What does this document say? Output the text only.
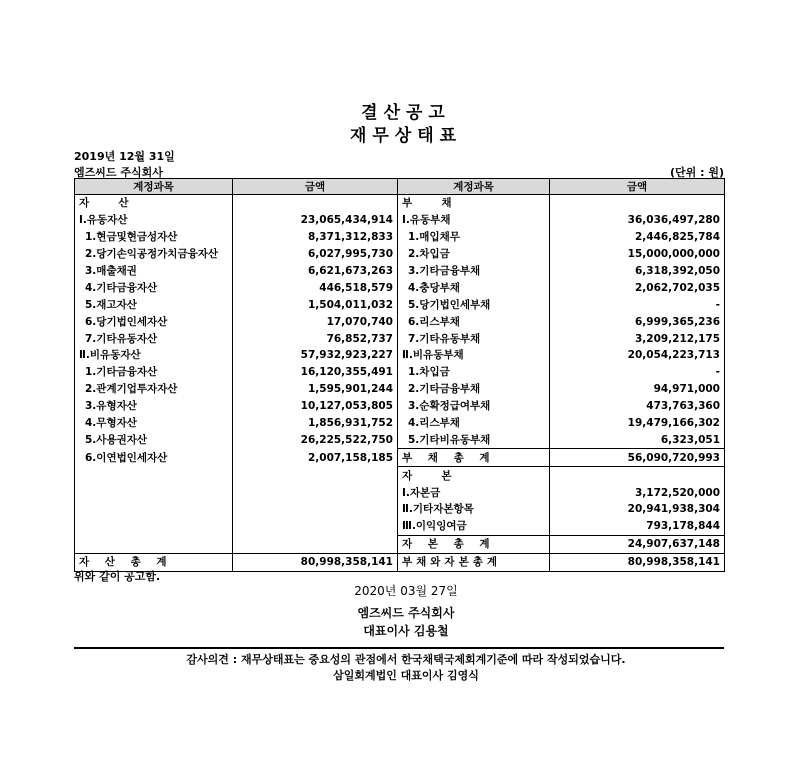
결산공고
재무상태표
2019년 12월 31일
엠즈씨드 주식회사	(단위 : 원)
계정과목	금액	계정과목	금액
자        산		부        채	
Ⅰ.유동자산	23,065,434,914	Ⅰ.유동부채	36,036,497,280
1.현금및현금성자산	8,371,312,833	1.매입채무	2,446,825,784
2.당기손익공정가치금융자산	6,027,995,730	2.차입금	15,000,000,000
3.매출채권	6,621,673,263	3.기타금융부채	6,318,392,050
4.기타금융자산	446,518,579	4.충당부채	2,062,702,035
5.재고자산	1,504,011,032	5.당기법인세부채	-
6.당기법인세자산	17,070,740	6.리스부채	6,999,365,236
7.기타유동자산	76,852,737	7.기타유동부채	3,209,212,175
Ⅱ.비유동자산	57,932,923,227	Ⅱ.비유동부채	20,054,223,713
1.기타금융자산	16,120,355,491	1.차입금	-
2.관계기업투자자산	1,595,901,244	2.기타금융부채	94,971,000
3.유형자산	10,127,053,805	3.순확정급여부채	473,763,360
4.무형자산	1,856,931,752	4.리스부채	19,479,166,302
5.사용권자산	26,225,522,750	5.기타비유동부채	6,323,051
6.이연법인세자산	2,007,158,185	부 채 총 계	56,090,720,993
		자        본	
		Ⅰ.자본금	3,172,520,000
		Ⅱ.기타자본항목	20,941,938,304
		Ⅲ.이익잉여금	793,178,844
		자 본 총 계	24,907,637,148
자 산 총 계	80,998,358,141	부채와자본총계	80,998,358,141
위와 같이 공고함.
2020년 03월 27일
엠즈씨드 주식회사
대표이사 김용철
감사의견 : 재무상태표는 중요성의 관점에서 한국채택국제회계기준에 따라 작성되었습니다.
삼일회계법인 대표이사 김영식
